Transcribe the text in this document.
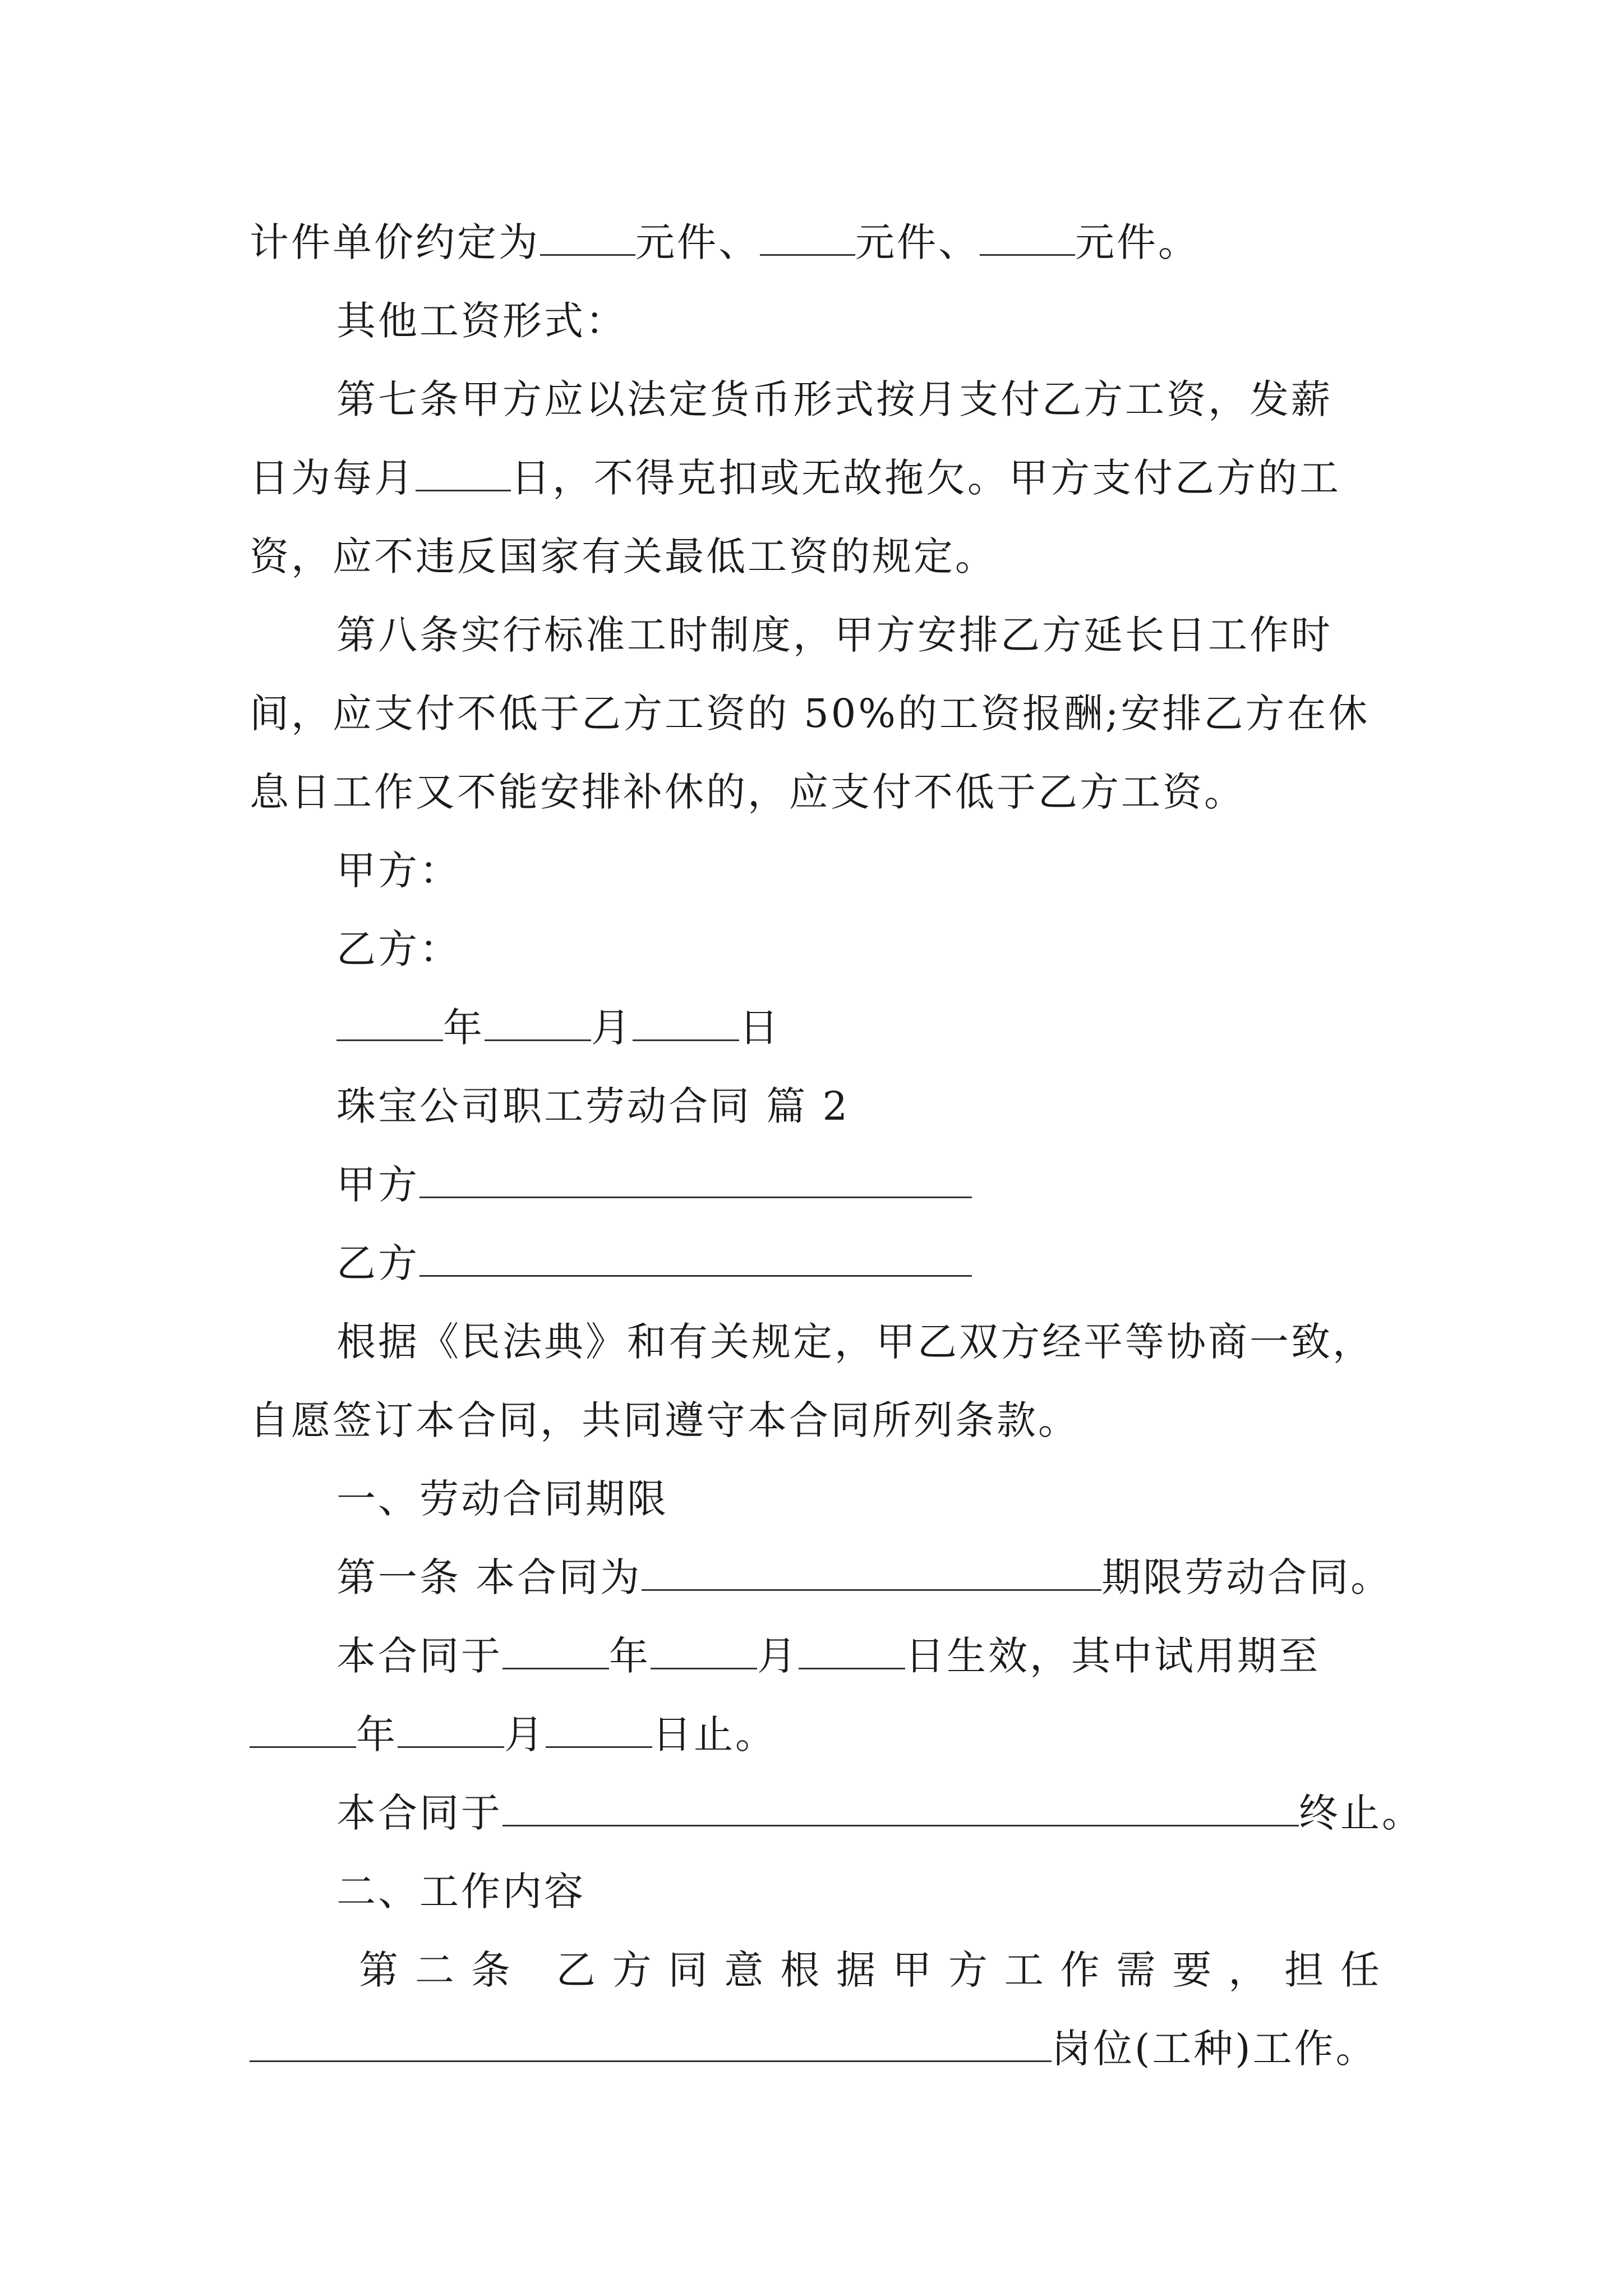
计件单价约定为 元件、 元件、 元件。
其他工资形式：
第七条甲方应以法定货币形式按月支付乙方工资，发薪
日为每月 日，不得克扣或无故拖欠。甲方支付乙方的工
资，应不违反国家有关最低工资的规定。
第八条实行标准工时制度，甲方安排乙方延长日工作时
间，应支付不低于乙方工资的 50%的工资报酬;安排乙方在休
息日工作又不能安排补休的，应支付不低于乙方工资。
甲方：
乙方：
年	月	日
珠宝公司职工劳动合同 篇 2
甲方
乙方
根据《民法典》和有关规定，甲乙双方经平等协商一致，
自愿签订本合同，共同遵守本合同所列条款。
一、劳动合同期限
第一条 本合同为	期限劳动合同。
本合同于	年	月	日生效，其中试用期至
年	月	日止。
本合同于	终止。
二、工作内容
第二条 乙方同意根据甲方工作需要，担任
岗位(工种)工作。
